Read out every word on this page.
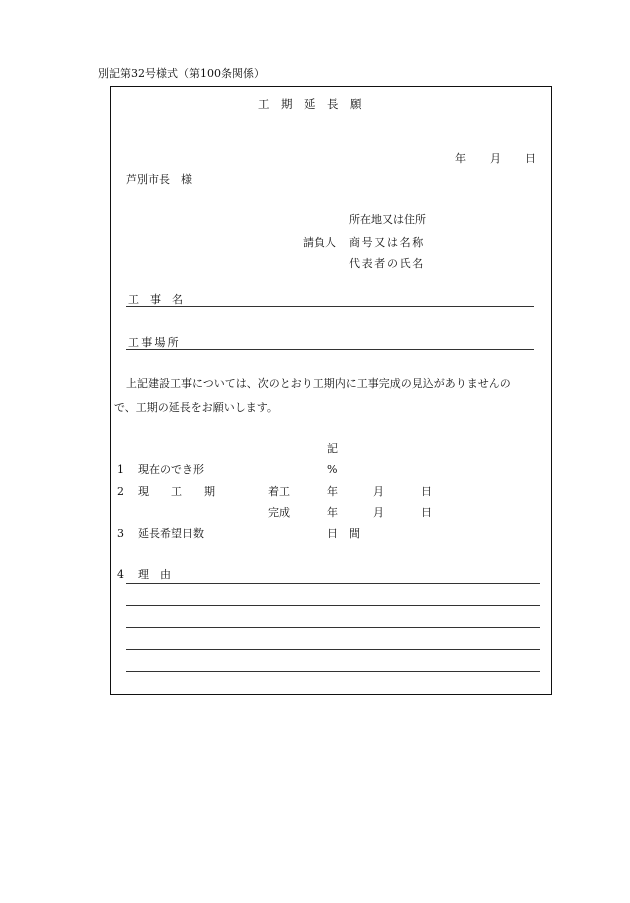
別記第32号様式（第100条関係）
工　期　延　長　願
年 月 日
芦別市長　様
所在地又は住所
請負人 商号又は名称
代表者の氏名
工　事　名
工事場所
上記建設工事については、次のとおり工期内に工事完成の見込がありませんの
で、工期の延長をお願いします。
記
1 現在のでき形	%
2 現　　工　　期	着工	年	月	日
完成	年	月	日
3 延長希望日数	日　間
4 理　由
